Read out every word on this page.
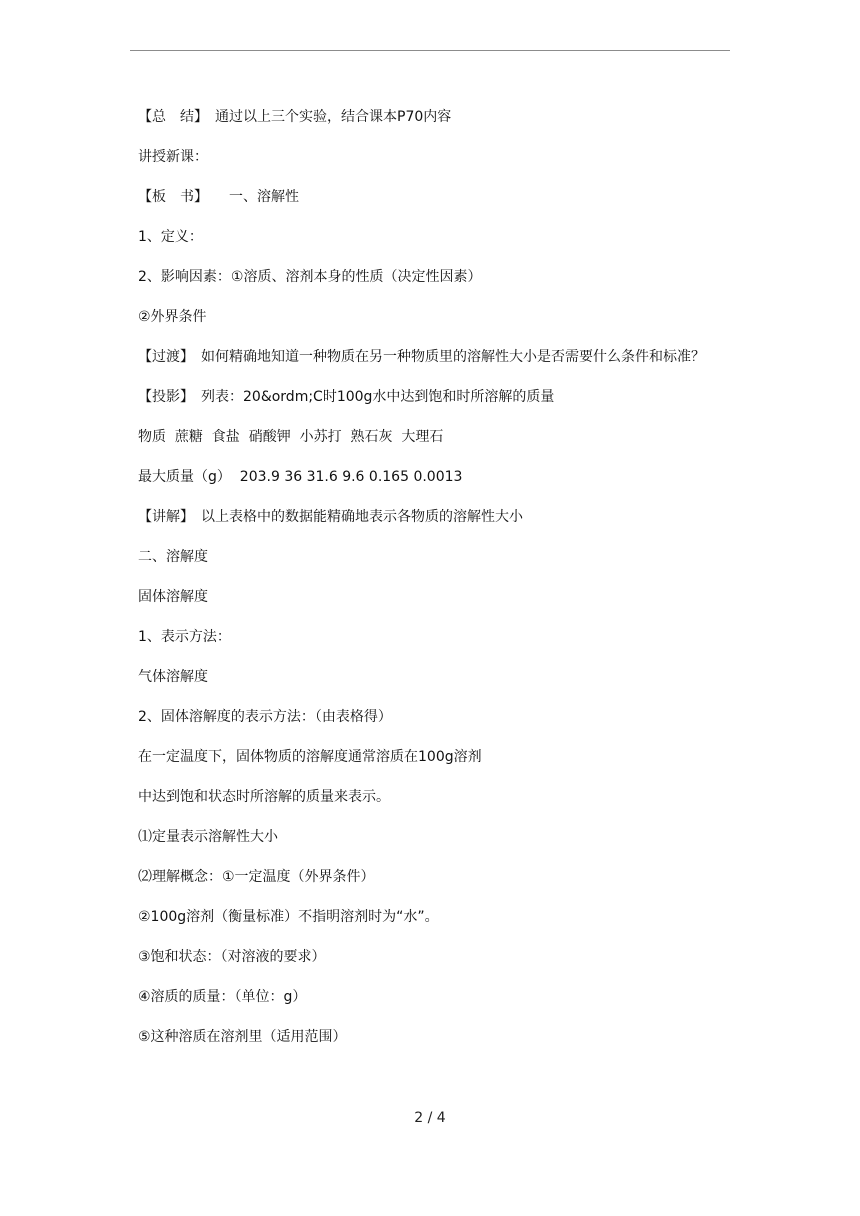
【总　结】　通过以上三个实验，结合课本P70内容

讲授新课：

【板　书】　　一、溶解性

1、定义：

2、影响因素：①溶质、溶剂本身的性质（决定性因素）

②外界条件

【过渡】　如何精确地知道一种物质在另一种物质里的溶解性大小是否需要什么条件和标准？

【投影】　列表：20&ordm;C时100g水中达到饱和时所溶解的质量

物质  蔗糖  食盐  硝酸钾  小苏打  熟石灰  大理石

最大质量（g）  203.9 36 31.6 9.6 0.165 0.0013

【讲解】　以上表格中的数据能精确地表示各物质的溶解性大小

二、溶解度

固体溶解度

1、表示方法：

气体溶解度

2、固体溶解度的表示方法：（由表格得）

在一定温度下，固体物质的溶解度通常溶质在100g溶剂

中达到饱和状态时所溶解的质量来表示。

⑴定量表示溶解性大小

⑵理解概念：①一定温度（外界条件）

②100g溶剂（衡量标准）不指明溶剂时为“水”。

③饱和状态：（对溶液的要求）

④溶质的质量：（单位：g）

⑤这种溶质在溶剂里（适用范围）

2 / 4
